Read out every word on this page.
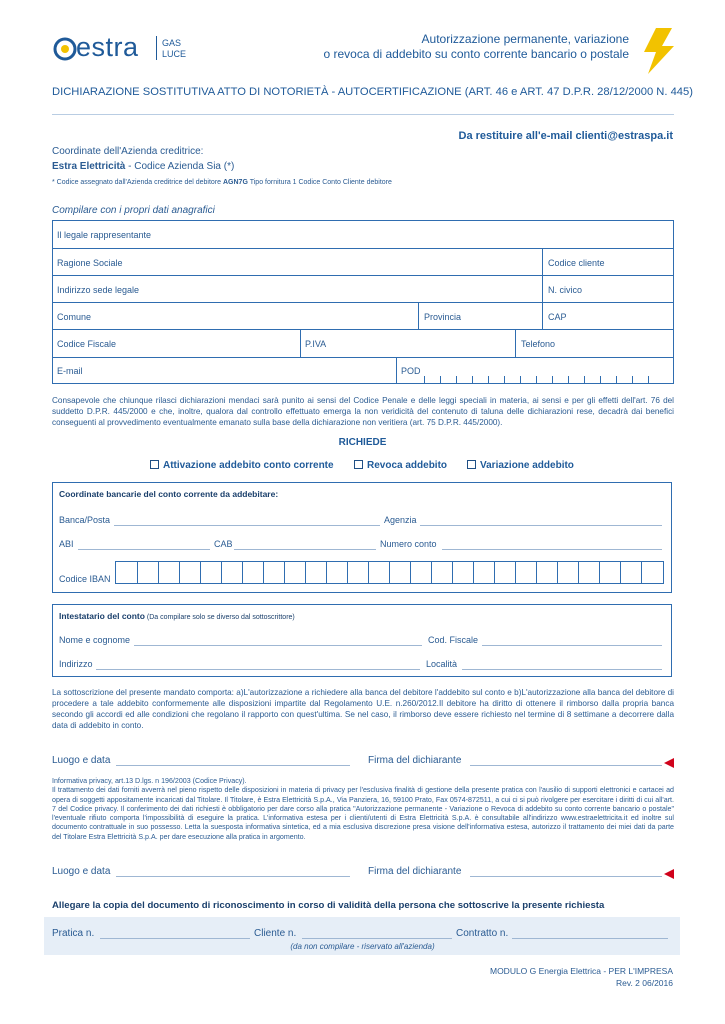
estra	GAS
LUCE
Autorizzazione permanente, variazione
o revoca di addebito su conto corrente bancario o postale
DICHIARAZIONE SOSTITUTIVA ATTO DI NOTORIETÀ - AUTOCERTIFICAZIONE (ART. 46 e ART. 47 D.P.R. 28/12/2000 N. 445)
Da restituire all'e-mail clienti@estraspa.it
Coordinate dell'Azienda creditrice:
Estra Elettricità - Codice Azienda Sia (*)
* Codice assegnato dall'Azienda creditrice del debitore AGN7G Tipo fornitura 1 Codice Conto Cliente debitore
Compilare con i propri dati anagrafici
Il legale rappresentante
Ragione Sociale	Codice cliente
Indirizzo sede legale	N. civico
Comune	Provincia	CAP
Codice Fiscale	P.IVA	Telefono
E-mail	POD
Consapevole che chiunque rilasci dichiarazioni mendaci sarà punito ai sensi del Codice Penale e delle leggi speciali in materia, ai sensi e per gli effetti dell'art. 76 del suddetto D.P.R. 445/2000 e che, inoltre, qualora dal controllo effettuato emerga la non veridicità del contenuto di taluna delle dichiarazioni rese, decadrà dai benefici conseguenti al provvedimento eventualmente emanato sulla base della dichiarazione non veritiera (art. 75 D.P.R. 445/2000).
RICHIEDE
Attivazione addebito conto corrente	Revoca addebito	Variazione addebito
Coordinate bancarie del conto corrente da addebitare:
Banca/Posta	Agenzia
ABI	CAB	Numero conto
Codice IBAN
Intestatario del conto (Da compilare solo se diverso dal sottoscrittore)
Nome e cognome	Cod. Fiscale
Indirizzo	Località
La sottoscrizione del presente mandato comporta: a)L'autorizzazione a richiedere alla banca del debitore l'addebito sul conto e b)L'autorizzazione alla banca del debitore di procedere a tale addebito conformemente alle disposizioni impartite dal Regolamento U.E. n.260/2012.Il debitore ha diritto di ottenere il rimborso dalla propria banca secondo gli accordi ed alle condizioni che regolano il rapporto con quest'ultima. Se nel caso, il rimborso deve essere richiesto nel termine di 8 settimane a decorrere dalla data di addebito in conto.
Luogo e data	Firma del dichiarante
Informativa privacy, art.13 D.lgs. n 196/2003 (Codice Privacy).
Il trattamento dei dati forniti avverrà nel pieno rispetto delle disposizioni in materia di privacy per l'esclusiva finalità di gestione della presente pratica con l'ausilio di supporti elettronici e cartacei ad opera di soggetti appositamente incaricati dal Titolare. Il Titolare, è Estra Elettricità S.p.A., Via Panziera, 16, 59100 Prato, Fax 0574-872511, a cui ci si può rivolgere per esercitare i diritti di cui all'art. 7 del Codice privacy. Il conferimento dei dati richiesti è obbligatorio per dare corso alla pratica "Autorizzazione permanente - Variazione o Revoca di addebito su conto corrente bancario o postale" l'eventuale rifiuto comporta l'impossibilità di eseguire la pratica. L'informativa estesa per i clienti/utenti di Estra Elettricità S.p.A. è consultabile all'indirizzo www.estraelettricita.it ed inoltre sul documento contrattuale in suo possesso. Letta la suesposta informativa sintetica, ed a mia esclusiva discrezione presa visione dell'informativa estesa, autorizzo il trattamento dei miei dati da parte del Titolare Estra Elettricità S.p.A. per dare esecuzione alla pratica in argomento.
Luogo e data	Firma del dichiarante
Allegare la copia del documento di riconoscimento in corso di validità della persona che sottoscrive la presente richiesta
Pratica n.	Cliente n.	Contratto n.
(da non compilare - riservato all'azienda)
MODULO G Energia Elettrica - PER L'IMPRESA
Rev. 2 06/2016
